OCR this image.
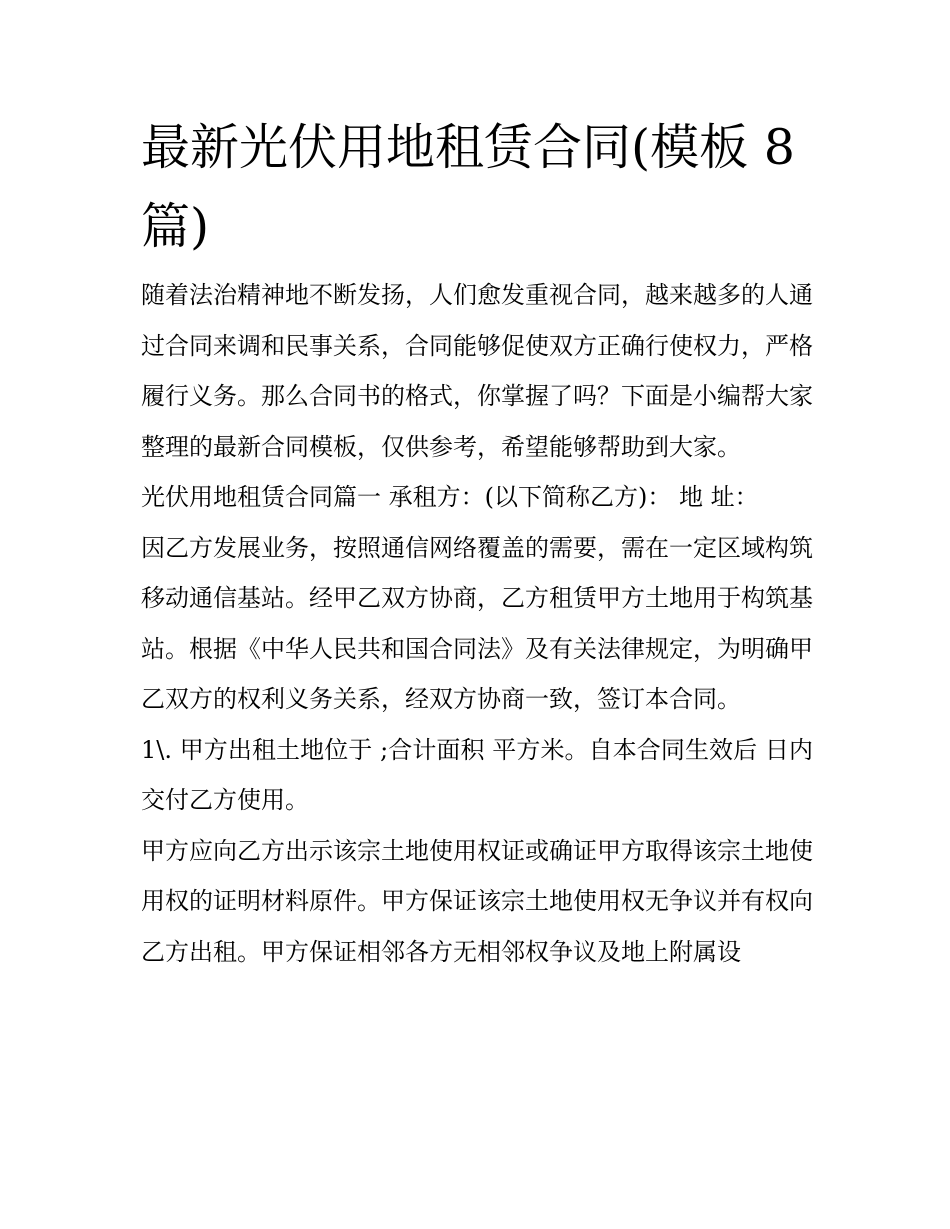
最新光伏用地租赁合同(模板 8 篇)

随着法治精神地不断发扬，人们愈发重视合同，越来越多的人通过合同来调和民事关系，合同能够促使双方正确行使权力，严格履行义务。那么合同书的格式，你掌握了吗？下面是小编帮大家整理的最新合同模板，仅供参考，希望能够帮助到大家。

光伏用地租赁合同篇一 承租方：(以下简称乙方)： 地 址：

因乙方发展业务，按照通信网络覆盖的需要，需在一定区域构筑移动通信基站。经甲乙双方协商，乙方租赁甲方土地用于构筑基站。根据《中华人民共和国合同法》及有关法律规定，为明确甲乙双方的权利义务关系，经双方协商一致，签订本合同。

1\. 甲方出租土地位于 ;合计面积 平方米。自本合同生效后 日内交付乙方使用。

甲方应向乙方出示该宗土地使用权证或确证甲方取得该宗土地使用权的证明材料原件。甲方保证该宗土地使用权无争议并有权向乙方出租。甲方保证相邻各方无相邻权争议及地上附属设
